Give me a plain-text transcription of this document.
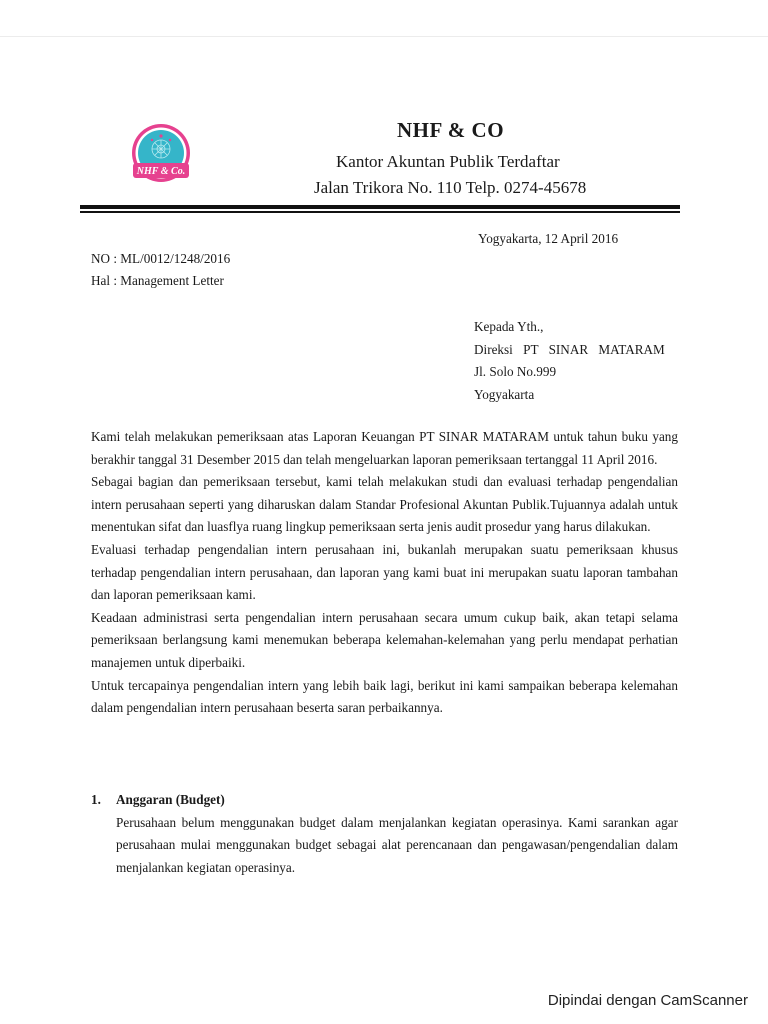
NHF & Co.
NHF & CO
Kantor Akuntan Publik Terdaftar
Jalan Trikora No. 110 Telp. 0274-45678
Yogyakarta, 12 April 2016
NO : ML/0012/1248/2016
Hal : Management Letter
Kepada Yth.,
Direksi PT SINAR MATARAM
Jl. Solo No.999
Yogyakarta

Kami telah melakukan pemeriksaan atas Laporan Keuangan PT SINAR MATARAM untuk tahun buku yang berakhir tanggal 31 Desember 2015 dan telah mengeluarkan laporan pemeriksaan tertanggal 11 April 2016.

Sebagai bagian dan pemeriksaan tersebut, kami telah melakukan studi dan evaluasi terhadap pengendalian intern perusahaan seperti yang diharuskan dalam Standar Profesional Akuntan Publik.Tujuannya adalah untuk menentukan sifat dan luasflya ruang lingkup pemeriksaan serta jenis audit prosedur yang harus dilakukan.

Evaluasi terhadap pengendalian intern perusahaan ini, bukanlah merupakan suatu pemeriksaan khusus terhadap pengendalian intern perusahaan, dan laporan yang kami buat ini merupakan suatu laporan tambahan dan laporan pemeriksaan kami.

Keadaan administrasi serta pengendalian intern perusahaan secara umum cukup baik, akan tetapi selama pemeriksaan berlangsung kami menemukan beberapa kelemahan-kelemahan yang perlu mendapat perhatian manajemen untuk diperbaiki.

Untuk tercapainya pengendalian intern yang lebih baik lagi, berikut ini kami sampaikan beberapa kelemahan dalam pengendalian intern perusahaan beserta saran perbaikannya.

1. Anggaran (Budget)
Perusahaan belum menggunakan budget dalam menjalankan kegiatan operasinya. Kami sarankan agar perusahaan mulai menggunakan budget sebagai alat perencanaan dan pengawasan/pengendalian dalam menjalankan kegiatan operasinya.
Dipindai dengan CamScanner
